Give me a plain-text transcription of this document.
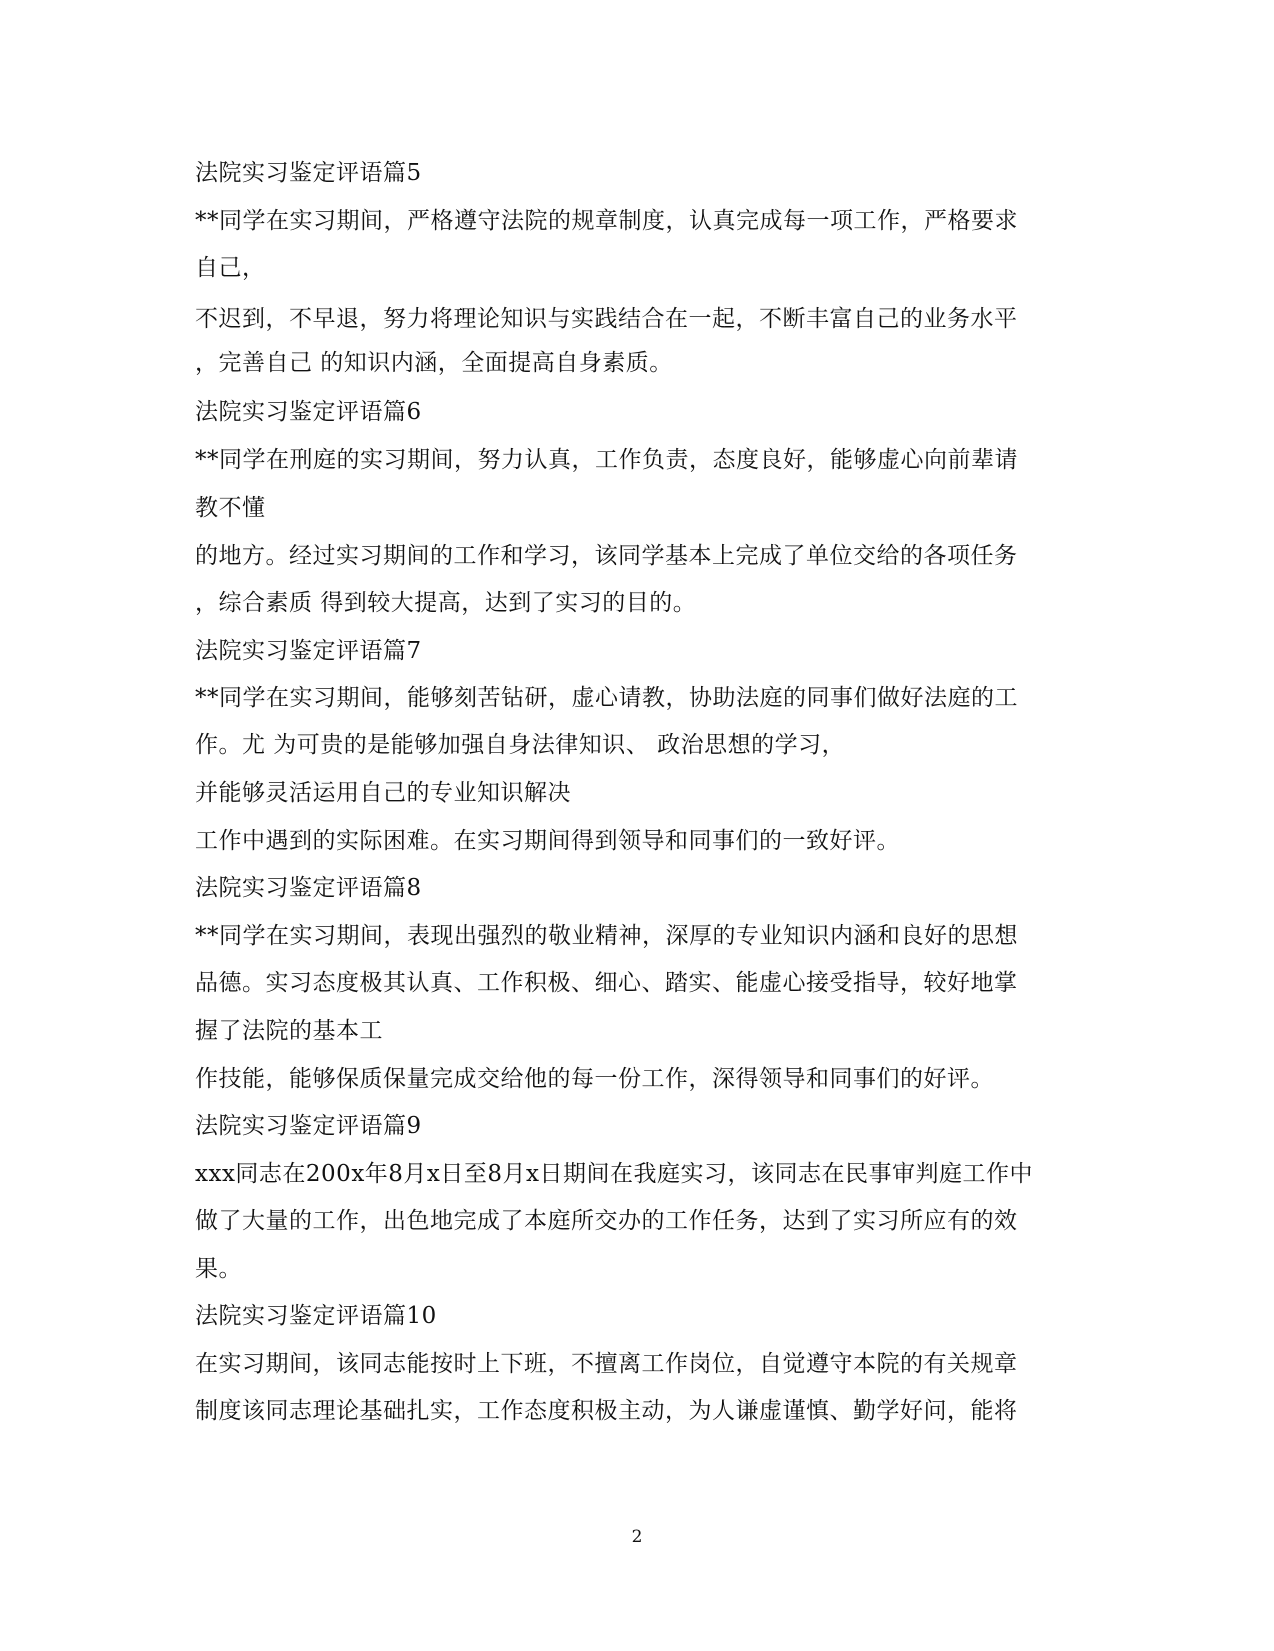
法院实习鉴定评语篇5
**同学在实习期间，严格遵守法院的规章制度，认真完成每一项工作，严格要求
自己，
不迟到，不早退，努力将理论知识与实践结合在一起，不断丰富自己的业务水平
，完善自己 的知识内涵，全面提高自身素质。
法院实习鉴定评语篇6
**同学在刑庭的实习期间，努力认真，工作负责，态度良好，能够虚心向前辈请
教不懂
的地方。经过实习期间的工作和学习，该同学基本上完成了单位交给的各项任务
，综合素质 得到较大提高，达到了实习的目的。
法院实习鉴定评语篇7
**同学在实习期间，能够刻苦钻研，虚心请教，协助法庭的同事们做好法庭的工
作。尤 为可贵的是能够加强自身法律知识、 政治思想的学习，
并能够灵活运用自己的专业知识解决
工作中遇到的实际困难。在实习期间得到领导和同事们的一致好评。
法院实习鉴定评语篇8
**同学在实习期间，表现出强烈的敬业精神，深厚的专业知识内涵和良好的思想
品德。实习态度极其认真、工作积极、细心、踏实、能虚心接受指导，较好地掌
握了法院的基本工
作技能，能够保质保量完成交给他的每一份工作，深得领导和同事们的好评。
法院实习鉴定评语篇9
xxx同志在200x年8月x日至8月x日期间在我庭实习，该同志在民事审判庭工作中
做了大量的工作，出色地完成了本庭所交办的工作任务，达到了实习所应有的效
果。
法院实习鉴定评语篇10
在实习期间，该同志能按时上下班，不擅离工作岗位，自觉遵守本院的有关规章
制度该同志理论基础扎实，工作态度积极主动，为人谦虚谨慎、勤学好问，能将
2
